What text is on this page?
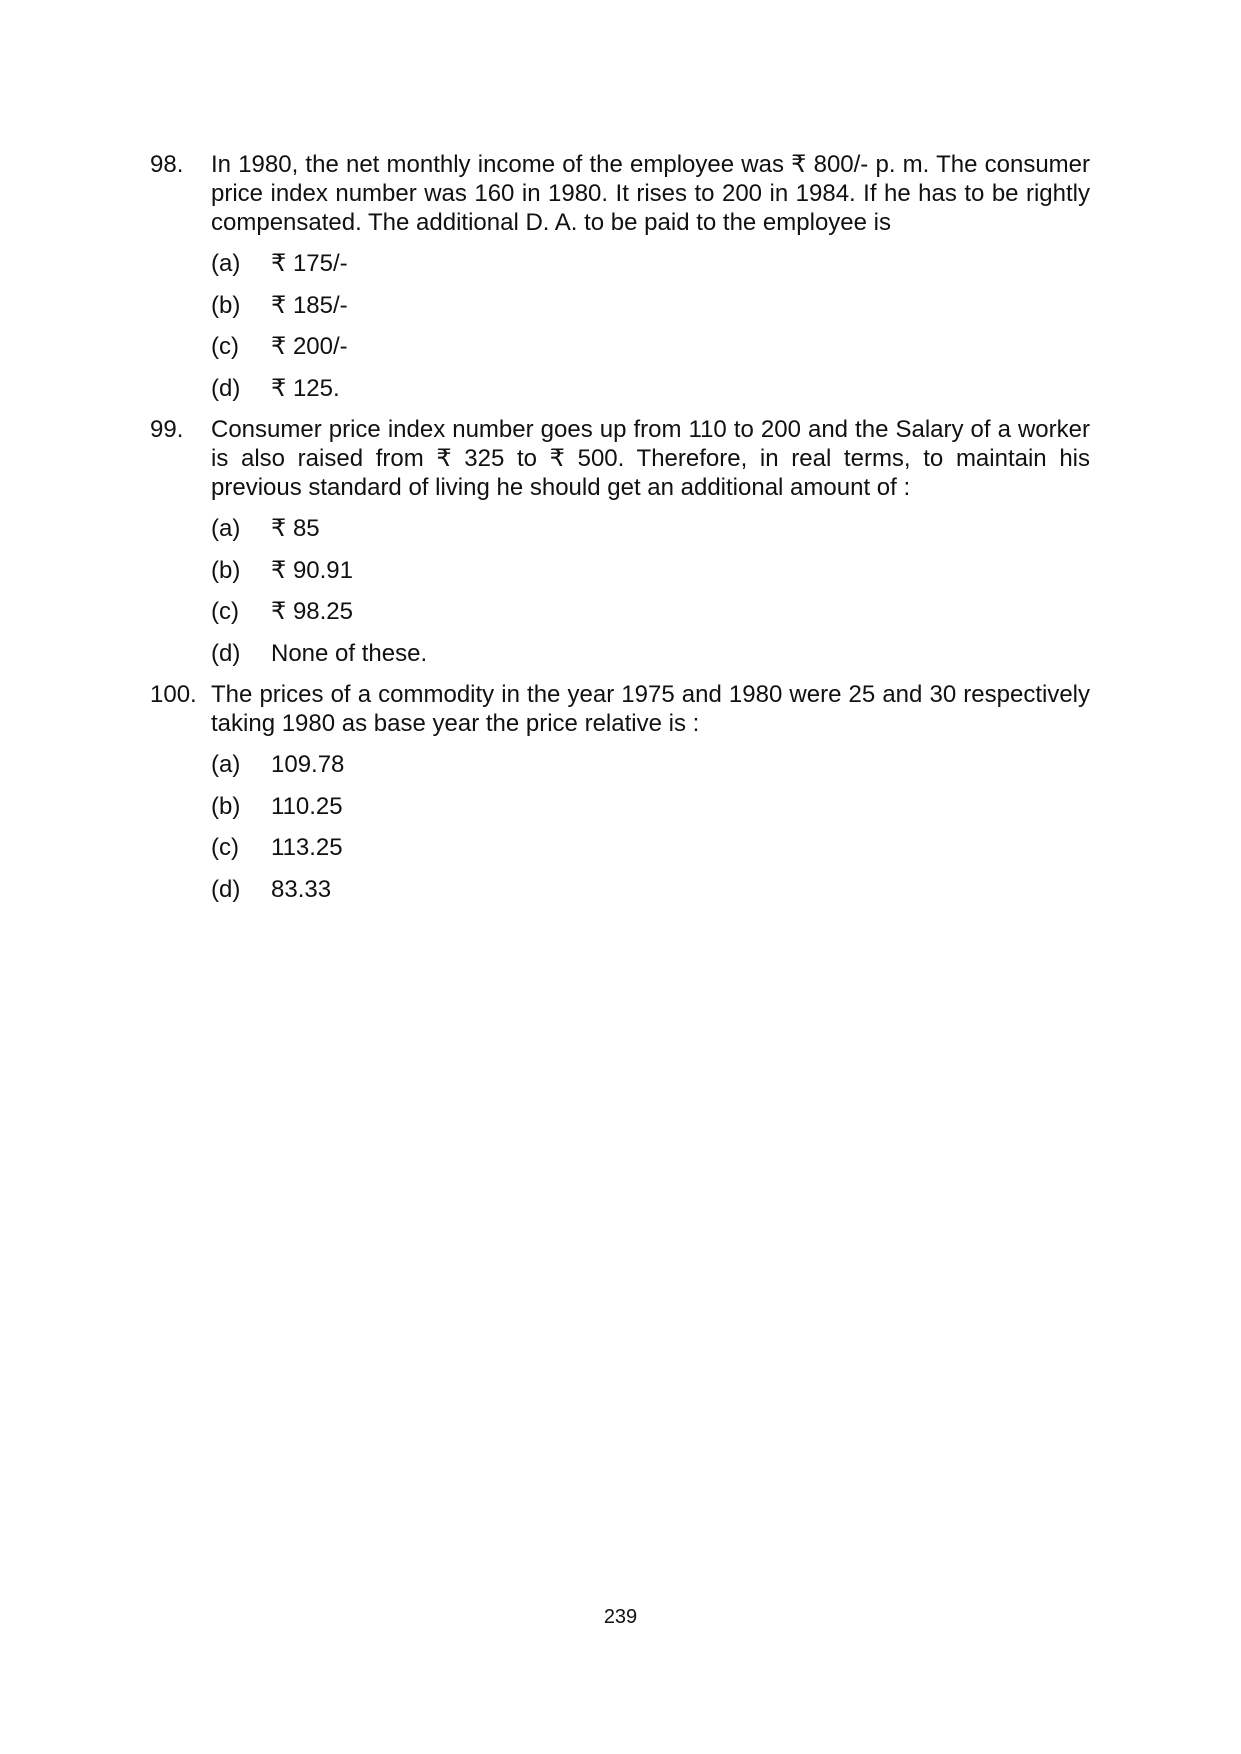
98. In 1980, the net monthly income of the employee was ₹ 800/- p. m. The consumer price index number was 160 in 1980. It rises to 200 in 1984. If he has to be rightly compensated. The additional D. A. to be paid to the employee is

(a)	₹ 175/-
(b)	₹ 185/-
(c)	₹ 200/-
(d)	₹ 125.
99. Consumer price index number goes up from 110 to 200 and the Salary of a worker is also raised from ₹ 325 to ₹ 500. Therefore, in real terms, to maintain his previous standard of living he should get an additional amount of :

(a)	₹ 85
(b)	₹ 90.91
(c)	₹ 98.25
(d)	None of these.
100. The prices of a commodity in the year 1975 and 1980 were 25 and 30 respectively taking 1980 as base year the price relative is :

(a)	109.78
(b)	110.25
(c)	113.25
(d)	83.33
239
